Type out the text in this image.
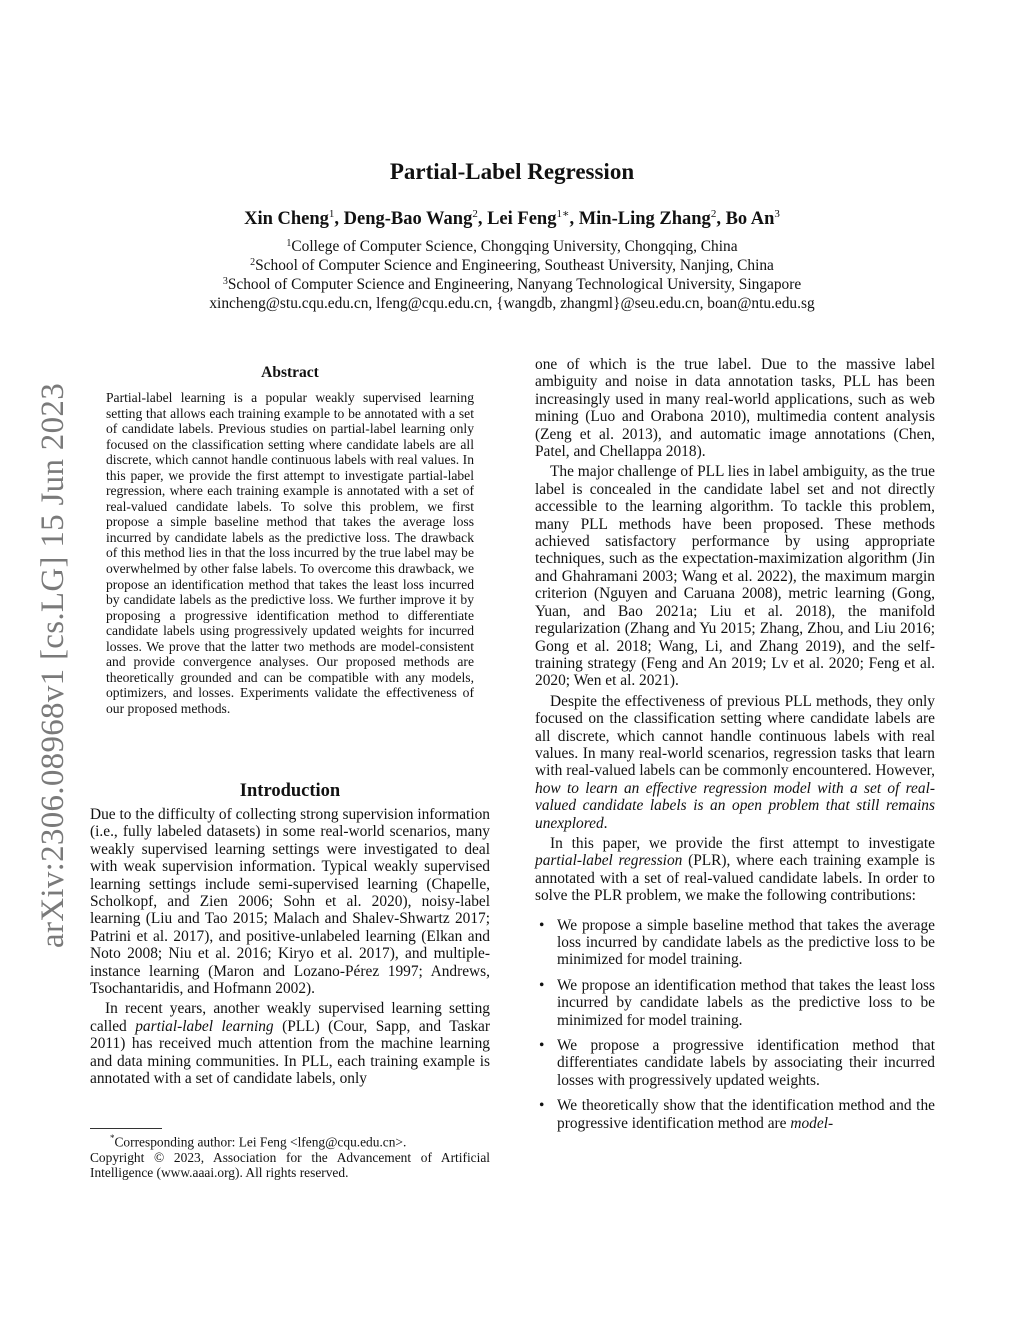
arXiv:2306.08968v1 [cs.LG] 15 Jun 2023
Partial-Label Regression
Xin Cheng$^1$, Deng-Bao Wang$^2$, Lei Feng$^{1∗}$, Min-Ling Zhang$^2$, Bo An$^3$
$^1$College of Computer Science, Chongqing University, Chongqing, China
$^2$School of Computer Science and Engineering, Southeast University, Nanjing, China
$^3$School of Computer Science and Engineering, Nanyang Technological University, Singapore
xincheng@stu.cqu.edu.cn, lfeng@cqu.edu.cn, {wangdb, zhangml}@seu.edu.cn, boan@ntu.edu.sg
Abstract

Partial-label learning is a popular weakly supervised learning setting that allows each training example to be annotated with a set of candidate labels. Previous studies on partial-label learning only focused on the classification setting where candidate labels are all discrete, which cannot handle continuous labels with real values. In this paper, we provide the first attempt to investigate partial-label regression, where each training example is annotated with a set of real-valued candidate labels. To solve this problem, we first propose a simple baseline method that takes the average loss incurred by candidate labels as the predictive loss. The drawback of this method lies in that the loss incurred by the true label may be overwhelmed by other false labels. To overcome this drawback, we propose an identification method that takes the least loss incurred by candidate labels as the predictive loss. We further improve it by proposing a progressive identification method to differentiate candidate labels using progressively updated weights for incurred losses. We prove that the latter two methods are model-consistent and provide convergence analyses. Our proposed methods are theoretically grounded and can be compatible with any models, optimizers, and losses. Experiments validate the effectiveness of our proposed methods.

Introduction

Due to the difficulty of collecting strong supervision information (i.e., fully labeled datasets) in some real-world scenarios, many weakly supervised learning settings were investigated to deal with weak supervision information. Typical weakly supervised learning settings include semi-supervised learning (Chapelle, Scholkopf, and Zien 2006; Sohn et al. 2020), noisy-label learning (Liu and Tao 2015; Malach and Shalev-Shwartz 2017; Patrini et al. 2017), and positive-unlabeled learning (Elkan and Noto 2008; Niu et al. 2016; Kiryo et al. 2017), and multiple-instance learning (Maron and Lozano-Pérez 1997; Andrews, Tsochantaridis, and Hofmann 2002).

In recent years, another weakly supervised learning setting called partial-label learning (PLL) (Cour, Sapp, and Taskar 2011) has received much attention from the machine learning and data mining communities. In PLL, each training example is annotated with a set of candidate labels, only

*Corresponding author: Lei Feng <lfeng@cqu.edu.cn>.

Copyright © 2023, Association for the Advancement of Artificial Intelligence (www.aaai.org). All rights reserved.

one of which is the true label. Due to the massive label ambiguity and noise in data annotation tasks, PLL has been increasingly used in many real-world applications, such as web mining (Luo and Orabona 2010), multimedia content analysis (Zeng et al. 2013), and automatic image annotations (Chen, Patel, and Chellappa 2018).

The major challenge of PLL lies in label ambiguity, as the true label is concealed in the candidate label set and not directly accessible to the learning algorithm. To tackle this problem, many PLL methods have been proposed. These methods achieved satisfactory performance by using appropriate techniques, such as the expectation-maximization algorithm (Jin and Ghahramani 2003; Wang et al. 2022), the maximum margin criterion (Nguyen and Caruana 2008), metric learning (Gong, Yuan, and Bao 2021a; Liu et al. 2018), the manifold regularization (Zhang and Yu 2015; Zhang, Zhou, and Liu 2016; Gong et al. 2018; Wang, Li, and Zhang 2019), and the self-training strategy (Feng and An 2019; Lv et al. 2020; Feng et al. 2020; Wen et al. 2021).

Despite the effectiveness of previous PLL methods, they only focused on the classification setting where candidate labels are all discrete, which cannot handle continuous labels with real values. In many real-world scenarios, regression tasks that learn with real-valued labels can be commonly encountered. However, how to learn an effective regression model with a set of real-valued candidate labels is an open problem that still remains unexplored.

In this paper, we provide the first attempt to investigate partial-label regression (PLR), where each training example is annotated with a set of real-valued candidate labels. In order to solve the PLR problem, we make the following contributions:

• We propose a simple baseline method that takes the average loss incurred by candidate labels as the predictive loss to be minimized for model training.
• We propose an identification method that takes the least loss incurred by candidate labels as the predictive loss to be minimized for model training.
• We propose a progressive identification method that differentiates candidate labels by associating their incurred losses with progressively updated weights.
• We theoretically show that the identification method and the progressive identification method are model-
